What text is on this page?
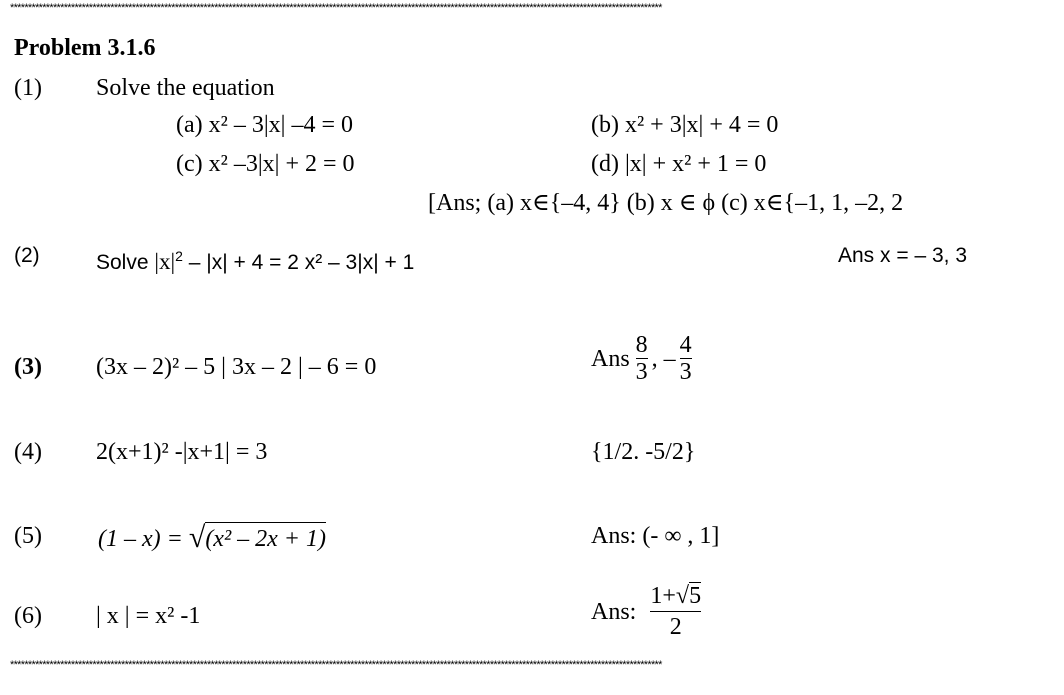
**************************************************************************************************************************************************************************************
Problem 3.1.6
(1) Solve the equation
(a) x² – 3|x| –4 = 0	(b) x² + 3|x| + 4 = 0
(c) x² –3|x| + 2 = 0	(d) |x| + x² + 1 = 0
[Ans; (a) x∈{–4, 4} (b) x ∈ ϕ (c) x∈{–1, 1, –2, 2
(2)	Solve $|x|^2 - |x| + 4 = 2$ x² – 3|x| + 1	Ans x = – 3, 3
(3) (3x – 2)² – 5 | 3x – 2 | – 6 = 0	Ans $\frac{8}{3}$ , – $\frac{4}{3}$
(4) 2(x+1)² -|x+1| = 3	{1/2. -5/2}
(5) (1 – x) = √ (x² – 2x + 1)	Ans: (- ∞ , 1]
(6) | x | = x² -1	Ans: $\frac{1+√5}{2}$
**************************************************************************************************************************************************************************************
